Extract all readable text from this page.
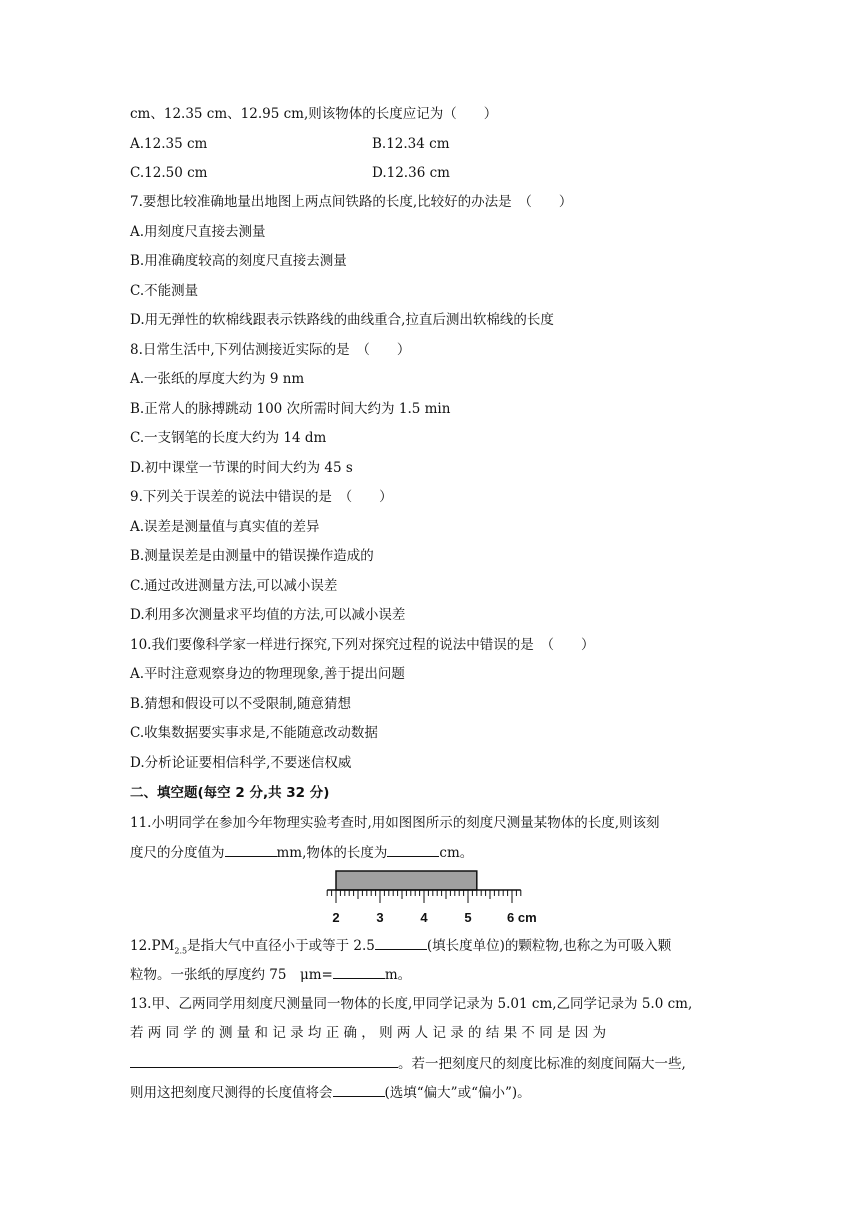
cm、12.35 cm、12.95 cm,则该物体的长度应记为（　　）
A.12.35 cm	B.12.34 cm
C.12.50 cm	D.12.36 cm
7.要想比较准确地量出地图上两点间铁路的长度,比较好的办法是　（　　）
A.用刻度尺直接去测量
B.用准确度较高的刻度尺直接去测量
C.不能测量
D.用无弹性的软棉线跟表示铁路线的曲线重合,拉直后测出软棉线的长度
8.日常生活中,下列估测接近实际的是　（　　）
A.一张纸的厚度大约为 9 nm
B.正常人的脉搏跳动 100 次所需时间大约为 1.5 min
C.一支钢笔的长度大约为 14 dm
D.初中课堂一节课的时间大约为 45 s
9.下列关于误差的说法中错误的是　（　　）
A.误差是测量值与真实值的差异
B.测量误差是由测量中的错误操作造成的
C.通过改进测量方法,可以减小误差
D.利用多次测量求平均值的方法,可以减小误差
10.我们要像科学家一样进行探究,下列对探究过程的说法中错误的是　（　　）
A.平时注意观察身边的物理现象,善于提出问题
B.猜想和假设可以不受限制,随意猜想
C.收集数据要实事求是,不能随意改动数据
D.分析论证要相信科学,不要迷信权威
二、填空题(每空 2 分,共 32 分)
11.小明同学在参加今年物理实验考查时,用如图图所示的刻度尺测量某物体的长度,则该刻
度尺的分度值为	mm,物体的长度为	cm。
2	3	4	5	6 cm
$12.PM_{2.5}$是指大气中直径小于或等于 2.5	(填长度单位)的颗粒物,也称之为可吸入颗
粒物。一张纸的厚度约 75　μm=	m。
13.甲、乙两同学用刻度尺测量同一物体的长度,甲同学记录为 5.01 cm,乙同学记录为 5.0 cm,
若 两 同 学 的 测 量 和 记 录 均 正 确 ， 则 两 人 记 录 的 结 果 不 同 是 因 为
。若一把刻度尺的刻度比标准的刻度间隔大一些,
则用这把刻度尺测得的长度值将会	(选填“偏大”或“偏小”)。
